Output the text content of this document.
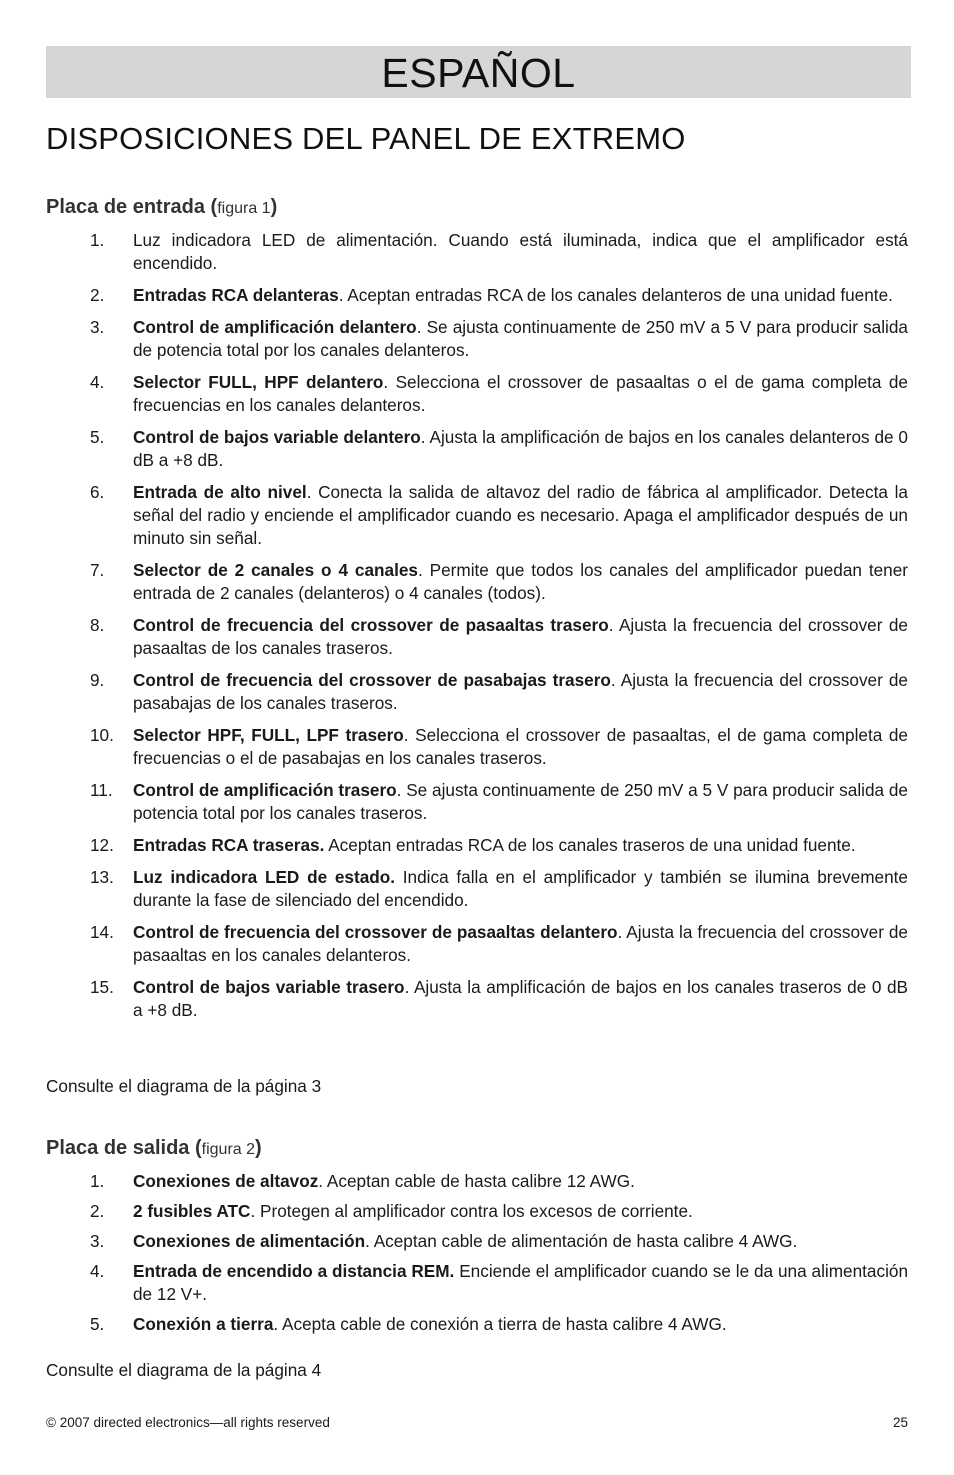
ESPAÑOL
DISPOSICIONES DEL PANEL DE EXTREMO
Placa de entrada (figura 1)
1.	Luz indicadora LED de alimentación. Cuando está iluminada, indica que el amplificador está encendido.
2.	Entradas RCA delanteras. Aceptan entradas RCA de los canales delanteros de una unidad fuente.
3.	Control de amplificación delantero. Se ajusta continuamente de 250 mV a 5 V para producir salida de potencia total por los canales delanteros.
4.	Selector FULL, HPF delantero. Selecciona el crossover de pasaaltas o el de gama completa de frecuencias en los canales delanteros.
5.	Control de bajos variable delantero. Ajusta la amplificación de bajos en los canales delanteros de 0 dB a +8 dB.
6.	Entrada de alto nivel. Conecta la salida de altavoz del radio de fábrica al amplificador. Detecta la señal del radio y enciende el amplificador cuando es necesario. Apaga el amplificador después de un minuto sin señal.
7.	Selector de 2 canales o 4 canales. Permite que todos los canales del amplificador puedan tener entrada de 2 canales (delanteros) o 4 canales (todos).
8.	Control de frecuencia del crossover de pasaaltas trasero. Ajusta la frecuencia del crossover de pasaaltas de los canales traseros.
9.	Control de frecuencia del crossover de pasabajas trasero. Ajusta la frecuencia del crossover de pasabajas de los canales traseros.
10.	Selector HPF, FULL, LPF trasero. Selecciona el crossover de pasaaltas, el de gama completa de frecuencias o el de pasabajas en los canales traseros.
11.	Control de amplificación trasero. Se ajusta continuamente de 250 mV a 5 V para producir salida de potencia total por los canales traseros.
12.	Entradas RCA traseras. Aceptan entradas RCA de los canales traseros de una unidad fuente.
13.	Luz indicadora LED de estado. Indica falla en el amplificador y también se ilumina brevemente durante la fase de silenciado del encendido.
14.	Control de frecuencia del crossover de pasaaltas delantero. Ajusta la frecuencia del crossover de pasaaltas en los canales delanteros.
15.	Control de bajos variable trasero. Ajusta la amplificación de bajos en los canales traseros de 0 dB a +8 dB.
Consulte el diagrama de la página 3
Placa de salida (figura 2)
1.	Conexiones de altavoz. Aceptan cable de hasta calibre 12 AWG.
2.	2 fusibles ATC. Protegen al amplificador contra los excesos de corriente.
3.	Conexiones de alimentación. Aceptan cable de alimentación de hasta calibre 4 AWG.
4.	Entrada de encendido a distancia REM. Enciende el amplificador cuando se le da una alimentación de 12 V+.
5.	Conexión a tierra. Acepta cable de conexión a tierra de hasta calibre 4 AWG.
Consulte el diagrama de la página 4
© 2007 directed electronics—all rights reserved	25
